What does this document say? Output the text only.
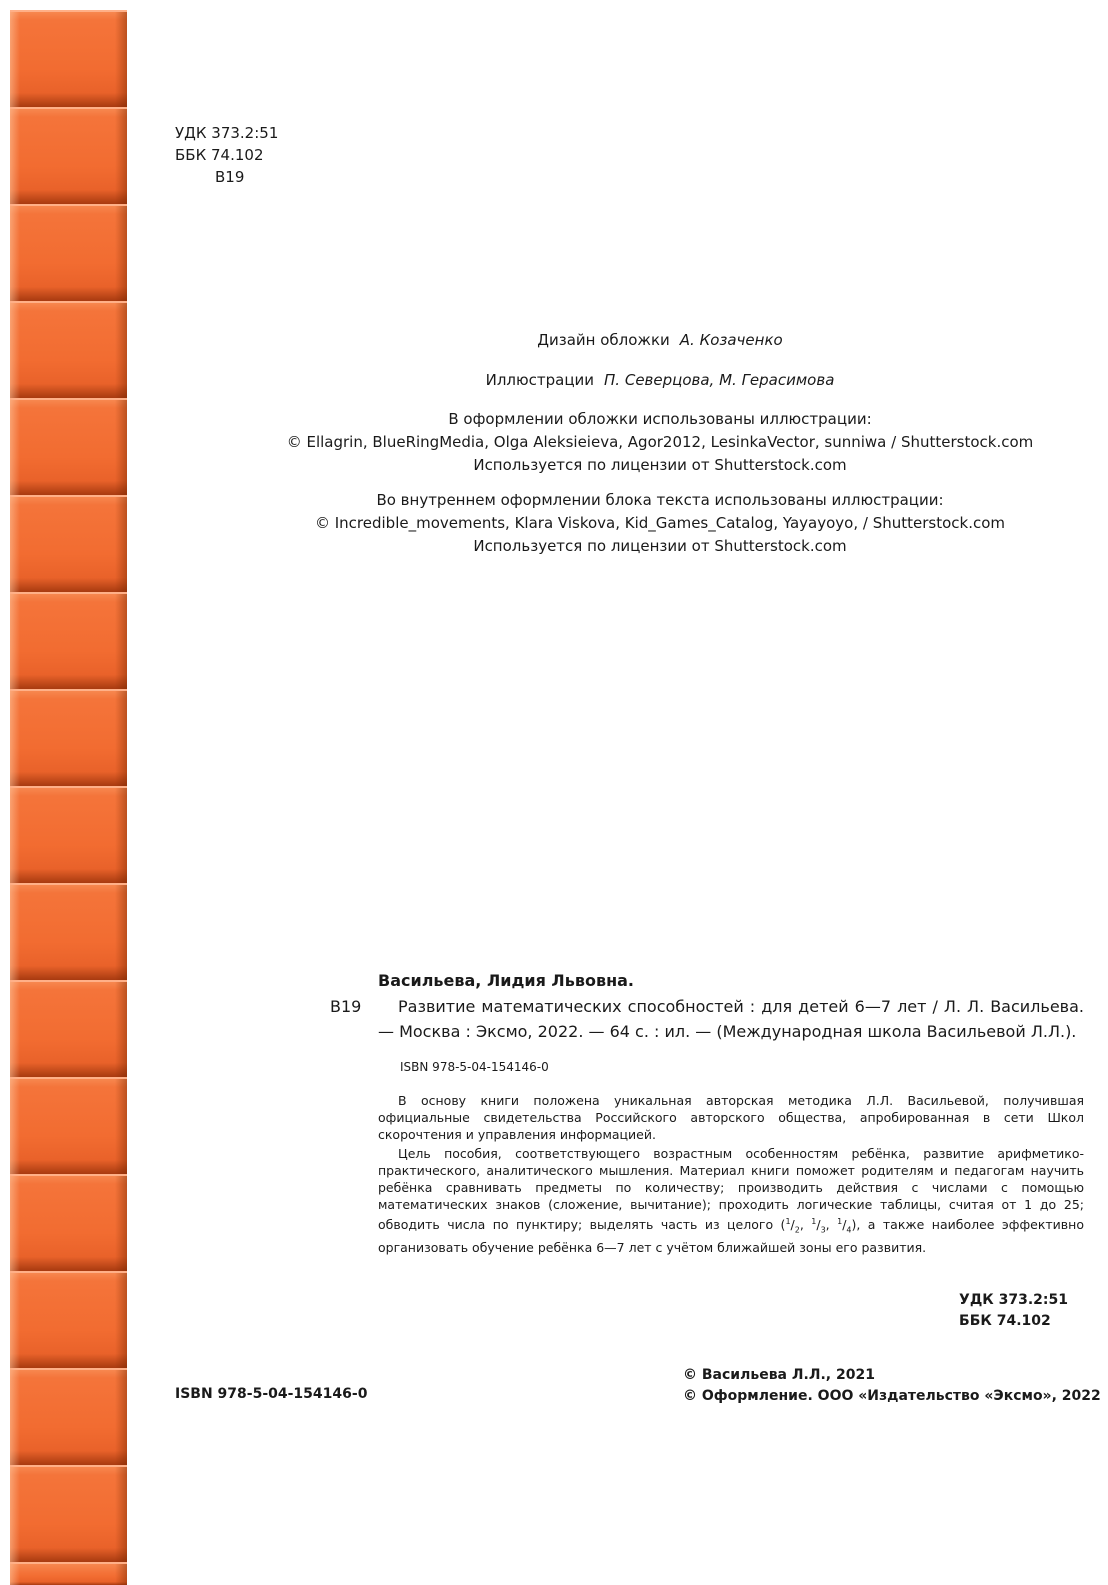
УДК 373.2:51
ББК 74.102
В19
Дизайн обложки А. Козаченко
Иллюстрации П. Северцова, М. Герасимова
В оформлении обложки использованы иллюстрации:
© Ellagrin, BlueRingMedia, Olga Aleksieieva, Agor2012, LesinkaVector, sunniwa / Shutterstock.com
Используется по лицензии от Shutterstock.com
Во внутреннем оформлении блока текста использованы иллюстрации:
© Incredible_movements, Klara Viskova, Kid_Games_Catalog, Yayayoyo, / Shutterstock.com
Используется по лицензии от Shutterstock.com

Васильева, Лидия Львовна.

В19	Развитие математических способностей : для детей 6—7 лет / Л. Л. Васильева. — Москва : Эксмо, 2022. — 64 с. : ил. — (Международная школа Васильевой Л.Л.).
ISBN 978-5-04-154146-0

В основу книги положена уникальная авторская методика Л.Л. Васильевой, получившая официальные свидетельства Российского авторского общества, апробированная в сети Школ скорочтения и управления информацией.

Цель пособия, соответствующего возрастным особенностям ребёнка, развитие арифметико-практического, аналитического мышления. Материал книги поможет родителям и педагогам научить ребёнка сравнивать предметы по количеству; производить действия с числами с помощью математических знаков (сложение, вычитание); проходить логические таблицы, считая от 1 до 25; обводить числа по пунктиру; выделять часть из целого ($^1/_2$, $^1/_3$, $^1/_4$), а также наиболее эффективно организовать обучение ребёнка 6—7 лет с учётом ближайшей зоны его развития.

УДК 373.2:51
ББК 74.102
© Васильева Л.Л., 2021
© Оформление. ООО «Издательство «Эксмо», 2022
ISBN 978-5-04-154146-0
